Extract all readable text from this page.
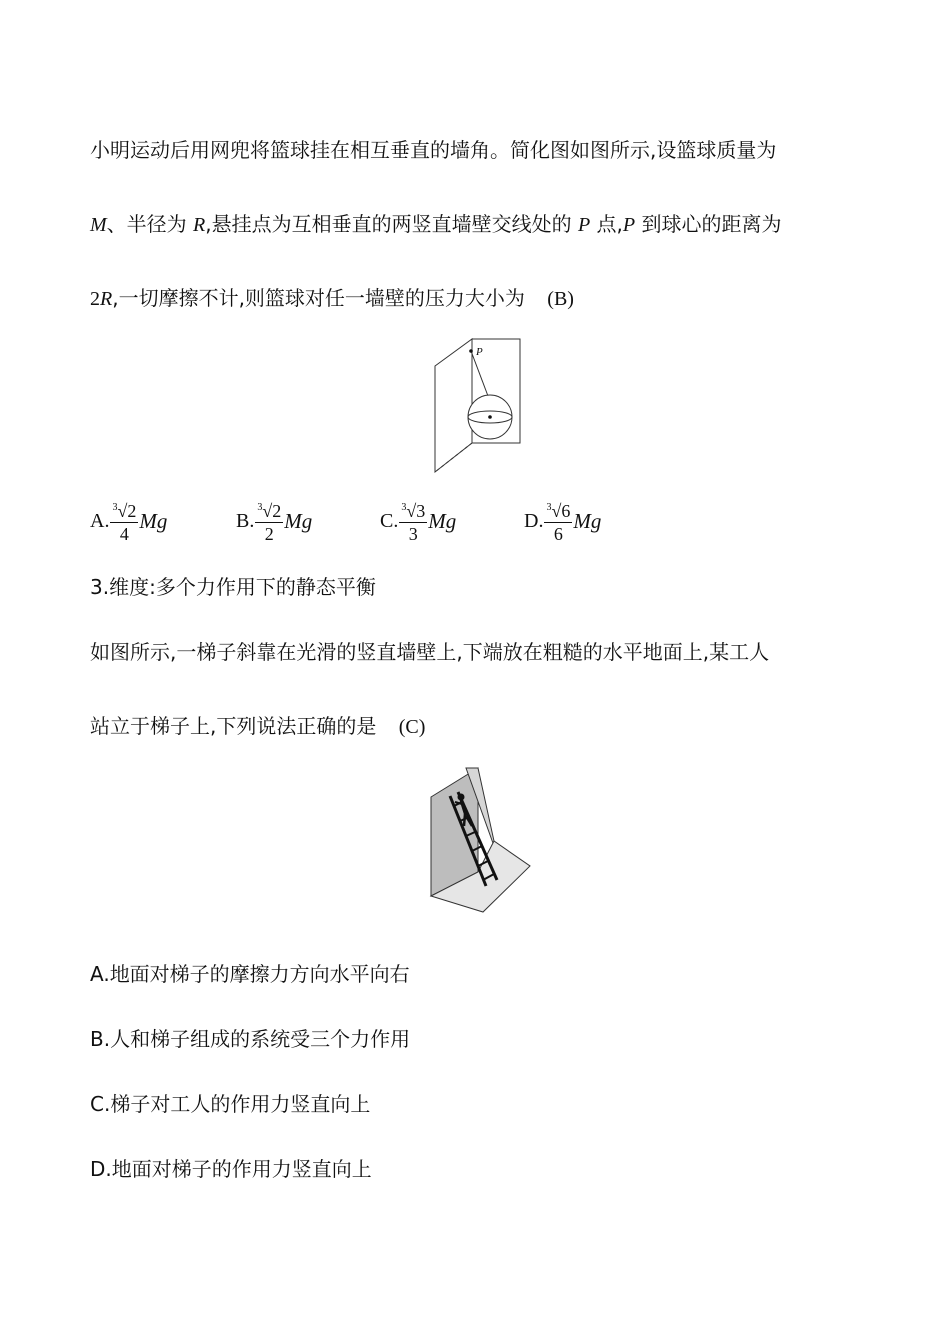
小明运动后用网兜将篮球挂在相互垂直的墙角。简化图如图所示,设篮球质量为
M、半径为 R,悬挂点为互相垂直的两竖直墙壁交线处的 P 点,P 到球心的距离为
2R,一切摩擦不计,则篮球对任一墙壁的压力大小为 (B)
P
A. $\frac{^3√2}{4}$ Mg	B. $\frac{^3√2}{2}$ Mg	C. $\frac{^3√3}{3}$ Mg	D. $\frac{^3√6}{6}$ Mg
3.维度:多个力作用下的静态平衡
如图所示,一梯子斜靠在光滑的竖直墙壁上,下端放在粗糙的水平地面上,某工人
站立于梯子上,下列说法正确的是 (C)
A.地面对梯子的摩擦力方向水平向右
B.人和梯子组成的系统受三个力作用
C.梯子对工人的作用力竖直向上
D.地面对梯子的作用力竖直向上
